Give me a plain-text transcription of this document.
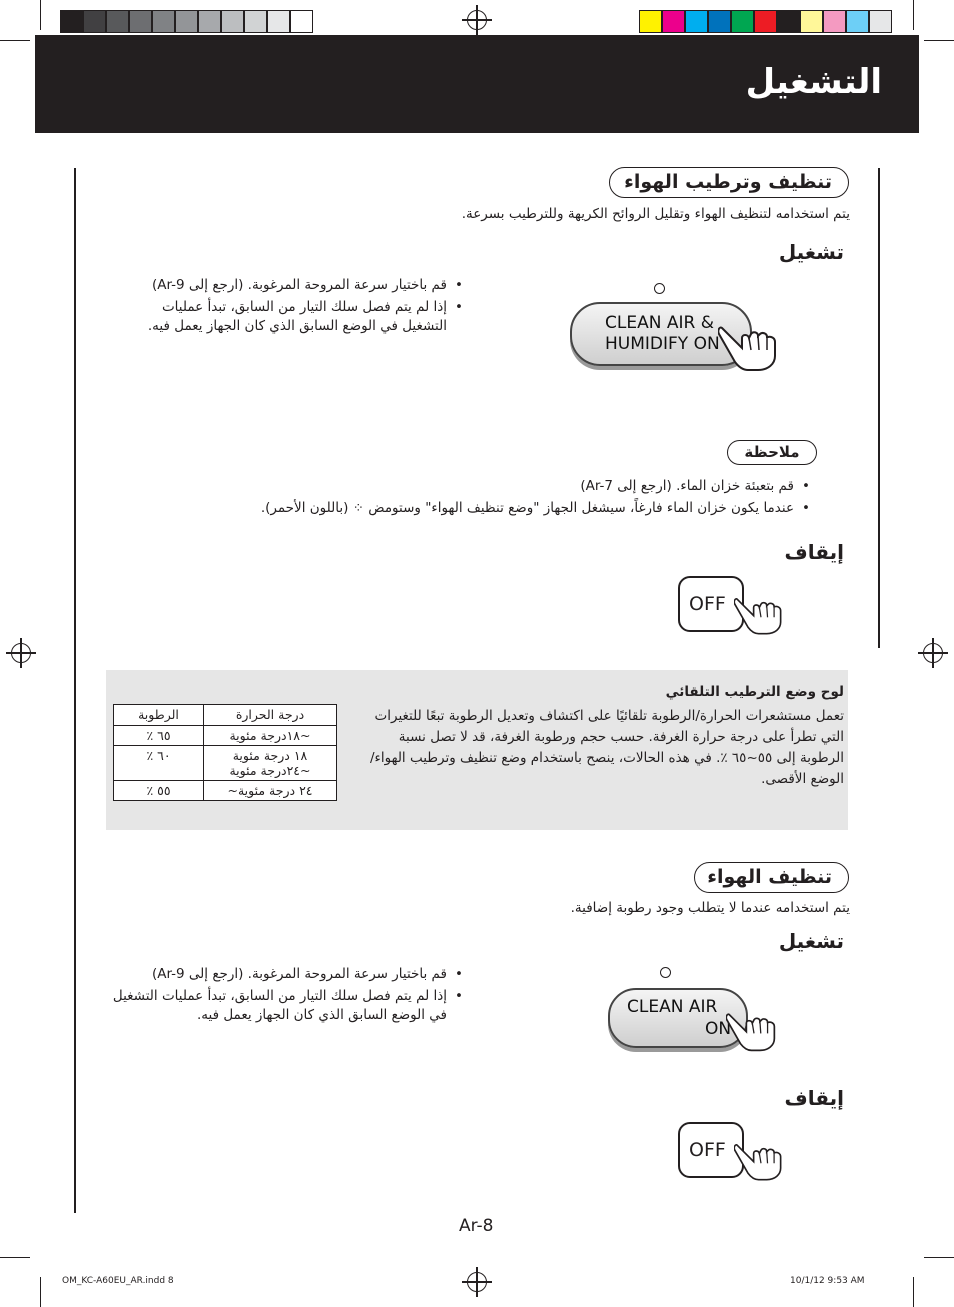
التشغيل
تنظيف وترطيب الهواء
يتم استخدامه لتنظيف الهواء وتقليل الروائح الكريهة وللترطيب بسرعة.
تشغيل
• قم باختيار سرعة المروحة المرغوبة. (ارجع إلى Ar-9)
• إذا لم يتم فصل سلك التيار من السابق، تبدأ عمليات التشغيل في الوضع السابق الذي كان الجهاز يعمل فيه.	CLEAN AIR &
HUMIDIFY ON
ملاحظة
• قم بتعبئة خزان الماء. (ارجع إلى Ar-7)
• عندما يكون خزان الماء فارغاً، سيشغل الجهاز "وضع تنظيف الهواء" وستومض ⁘ (باللون الأحمر).
إيقاف
OFF
لوح وضع الترطيب التلقائي
تعمل مستشعرات الحرارة/الرطوبة تلقائيًا على اكتشاف وتعديل الرطوبة تبعًا للتغيرات التي تطرأ على درجة حرارة الغرفة. حسب حجم ورطوبة الغرفة، قد لا تصل نسبة الرطوبة إلى ٥٥~٦٥ ٪. في هذه الحالات، ينصح باستخدام وضع تنظيف وترطيب الهواء/الوضع الأقصى.
درجة الحرارة	الرطوبة
~١٨درجة مئوية	٦٥ ٪
١٨ درجة مئوية ~٢٤درجة مئوية	٦٠ ٪
٢٤ درجة مئوية~	٥٥ ٪
تنظيف الهواء
يتم استخدامه عندما لا يتطلب وجود رطوبة إضافية.
تشغيل
• قم باختيار سرعة المروحة المرغوبة. (ارجع إلى Ar-9)
• إذا لم يتم فصل سلك التيار من السابق، تبدأ عمليات التشغيل في الوضع السابق الذي كان الجهاز يعمل فيه.	CLEAN AIR
ON
إيقاف
OFF
Ar-8
OM_KC-A60EU_AR.indd 8	10/1/12 9:53 AM
